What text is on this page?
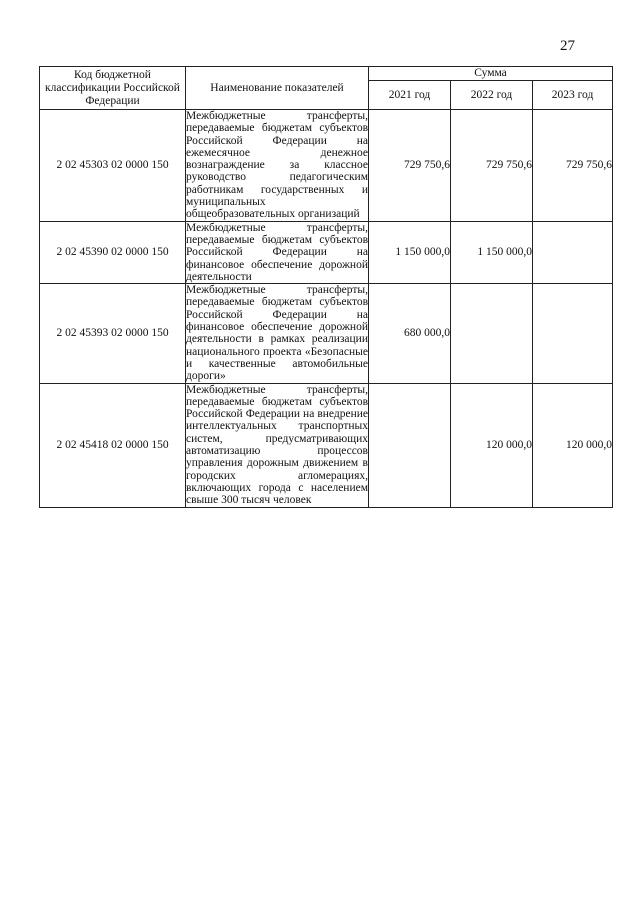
27
Код бюджетной классификации Российской Федерации	Наименование показателей	Сумма		
		2021 год	2022 год	2023 год
2 02 45303 02 0000 150	Межбюджетные трансферты, передаваемые бюджетам субъектов Российской Федерации на ежемесячное денежное вознаграждение за классное руководство педагогическим работникам государственных и муниципальных общеобразовательных организаций	729 750,6	729 750,6	729 750,6
2 02 45390 02 0000 150	Межбюджетные трансферты, передаваемые бюджетам субъектов Российской Федерации на финансовое обеспечение дорожной деятельности	1 150 000,0	1 150 000,0	
2 02 45393 02 0000 150	Межбюджетные трансферты, передаваемые бюджетам субъектов Российской Федерации на финансовое обеспечение дорожной деятельности в рамках реализации национального проекта «Безопасные и качественные автомобильные дороги»	680 000,0		
2 02 45418 02 0000 150	Межбюджетные трансферты, передаваемые бюджетам субъектов Российской Федерации на внедрение интеллектуальных транспортных систем, предусматривающих автоматизацию процессов управления дорожным движением в городских агломерациях, включающих города с населением свыше 300 тысяч человек		120 000,0	120 000,0
